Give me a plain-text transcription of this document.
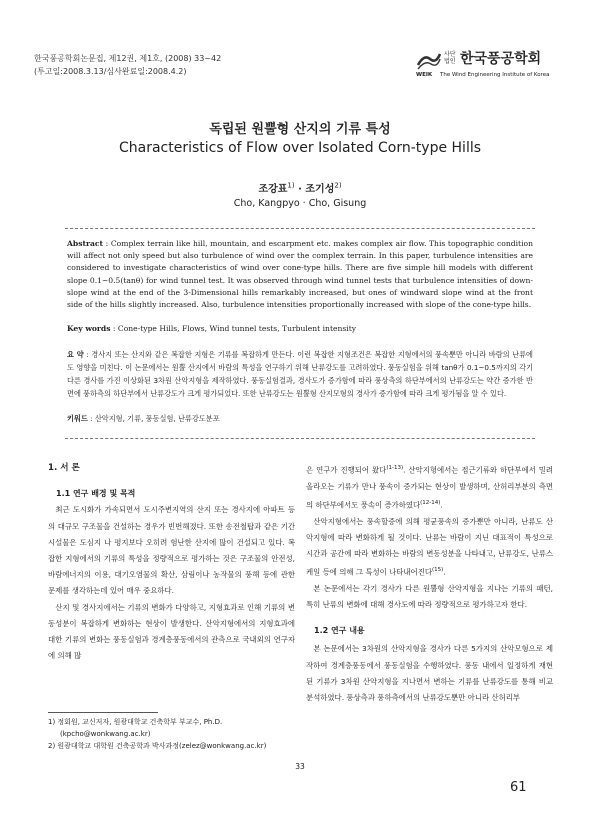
한국풍공학회논문집, 제12권, 제1호, (2008) 33~42
(투고일:2008.3.13/심사완료일:2008.4.2)
사단
법인 한국풍공학회
WEIK The Wind Engineering Institute of Korea
독립된 원뿔형 산지의 기류 특성
Characteristics of Flow over Isolated Corn-type Hills
조강표$^{1)}$ · 조기성$^{2)}$
Cho, Kangpyo · Cho, Gisung
Abstract : Complex terrain like hill, mountain, and escarpment etc. makes complex air flow. This topographic condition will affect not only speed but also turbulence of wind over the complex terrain. In this paper, turbulence intensities are considered to investigate characteristics of wind over cone-type hills. There are five simple hill models with different slope 0.1~0.5(tanθ) for wind tunnel test. It was observed through wind tunnel tests that turbulence intensities of down-slope wind at the end of the 3-Dimensional hills remarkably increased, but ones of windward slope wind at the front side of the hills slightly increased. Also, turbulence intensities proportionally increased with slope of the cone-type hills.
Key words : Cone-type Hills, Flows, Wind tunnel tests, Turbulent intensity
요 약 : 경사지 또는 산지와 같은 복잡한 지형은 기류를 복잡하게 만든다. 이런 복잡한 지형조건은 복잡한 지형에서의 풍속뿐만 아니라 바람의 난류에도 영향을 미친다. 이 논문에서는 원뿔 산지에서 바람의 특성을 연구하기 위해 난류강도를 고려하였다. 풍동실험을 위해 tanθ가 0.1~0.5까지의 각기 다른 경사를 가진 이상화된 3차원 산악지형을 제작하였다. 풍동실험결과, 경사도가 증가함에 따라 풍상측의 하단부에서의 난류강도는 약간 증가한 반면에 풍하측의 하단부에서 난류강도가 크게 평가되었다. 또한 난류강도는 원뿔형 산지모형의 경사가 증가함에 따라 크게 평가됨을 알 수 있다.
키워드 : 산악지형, 기류, 풍동실험, 난류강도분포
1. 서 론
1.1 연구 배경 및 목적
최근 도시화가 가속되면서 도시주변지역의 산지 또는 경사지에 아파트 등의 대규모 구조물을 건설하는 경우가 빈번해졌다. 또한 송전철탑과 같은 기간시설물은 도심지 나 평지보다 오히려 험난한 산지에 많이 건설되고 있다. 복잡한 지형에서의 기류의 특성을 정량적으로 평가하는 것은 구조물의 안전성, 바람에너지의 이용, 대기오염물의 확산, 삼림이나 농작물의 풍해 등에 관한 문제를 생각하는데 있어 매우 중요하다.
산지 및 경사지에서는 기류의 변화가 다양하고, 지형효과로 인해 기류의 변동성분이 복잡하게 변화하는 현상이 발생한다. 산악지형에서의 지형효과에 대한 기류의 변화는 풍동실험과 경계층풍동에서의 관측으로 국내외의 연구자에 의해 많
1) 정회원, 교신저자, 원광대학교 건축학부 부교수, Ph.D.(kpcho@wonkwang.ac.kr)
2) 원광대학교 대학원 건축공학과 박사과정(zelez@wonkwang.ac.kr)
은 연구가 진행되어 왔다$^{(1-13)}$. 산악지형에서는 접근기류와 하단부에서 밀려올라오는 기류가 만나 풍속이 증가되는 현상이 발생하며, 산허리부분의 측면의 하단부에서도 풍속이 증가하였다$^{(12-14)}$.
산악지형에서는 풍속할증에 의해 평균풍속의 증가뿐만 아니라, 난류도 산악지형에 따라 변화하게 될 것이다. 난류는 바람이 지닌 대표적이 특성으로 시간과 공간에 따라 변화하는 바람의 변동성분을 나타내고, 난류강도, 난류스케일 등에 의해 그 특성이 나타내어진다$^{(15)}$.
본 논문에서는 각기 경사가 다른 원뿔형 산악지형을 지나는 기류의 패턴, 특히 난류의 변화에 대해 경사도에 따라 정량적으로 평가하고자 한다.
1.2 연구 내용
본 논문에서는 3차원의 산악지형을 경사가 다른 5가지의 산악모형으로 제작하여 경계층풍동에서 풍동실험을 수행하였다. 풍동 내에서 일정하게 재현된 기류가 3차원 산악지형을 지나면서 변하는 기류를 난류강도를 통해 비교분석하였다. 풍상측과 풍하측에서의 난류강도뿐만 아니라 산허리부
33
61
